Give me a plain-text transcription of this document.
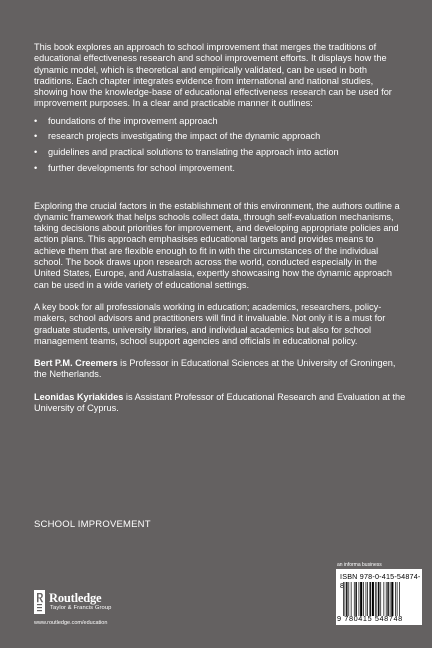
This book explores an approach to school improvement that merges the traditions of educational effectiveness research and school improvement efforts. It displays how the dynamic model, which is theoretical and empirically validated, can be used in both traditions. Each chapter integrates evidence from international and national studies, showing how the knowledge-base of educational effectiveness research can be used for improvement purposes. In a clear and practicable manner it outlines:

• foundations of the improvement approach
• research projects investigating the impact of the dynamic approach
• guidelines and practical solutions to translating the approach into action
• further developments for school improvement.

Exploring the crucial factors in the establishment of this environment, the authors outline a dynamic framework that helps schools collect data, through self-evaluation mechanisms, taking decisions about priorities for improvement, and developing appropriate policies and action plans. This approach emphasises educational targets and provides means to achieve them that are flexible enough to fit in with the circumstances of the individual school. The book draws upon research across the world, conducted especially in the United States, Europe, and Australasia, expertly showcasing how the dynamic approach can be used in a wide variety of educational settings.

A key book for all professionals working in education; academics, researchers, policy-makers, school advisors and practitioners will find it invaluable. Not only it is a must for graduate students, university libraries, and individual academics but also for school management teams, school support agencies and officials in educational policy.

Bert P.M. Creemers is Professor in Educational Sciences at the University of Groningen, the Netherlands.

Leonidas Kyriakides is Assistant Professor of Educational Research and Evaluation at the University of Cyprus.

SCHOOL IMPROVEMENT
Routledge
Taylor & Francis Group
www.routledge.com/education
an informa business
ISBN 978-0-415-54874-8
9 780415 548748
